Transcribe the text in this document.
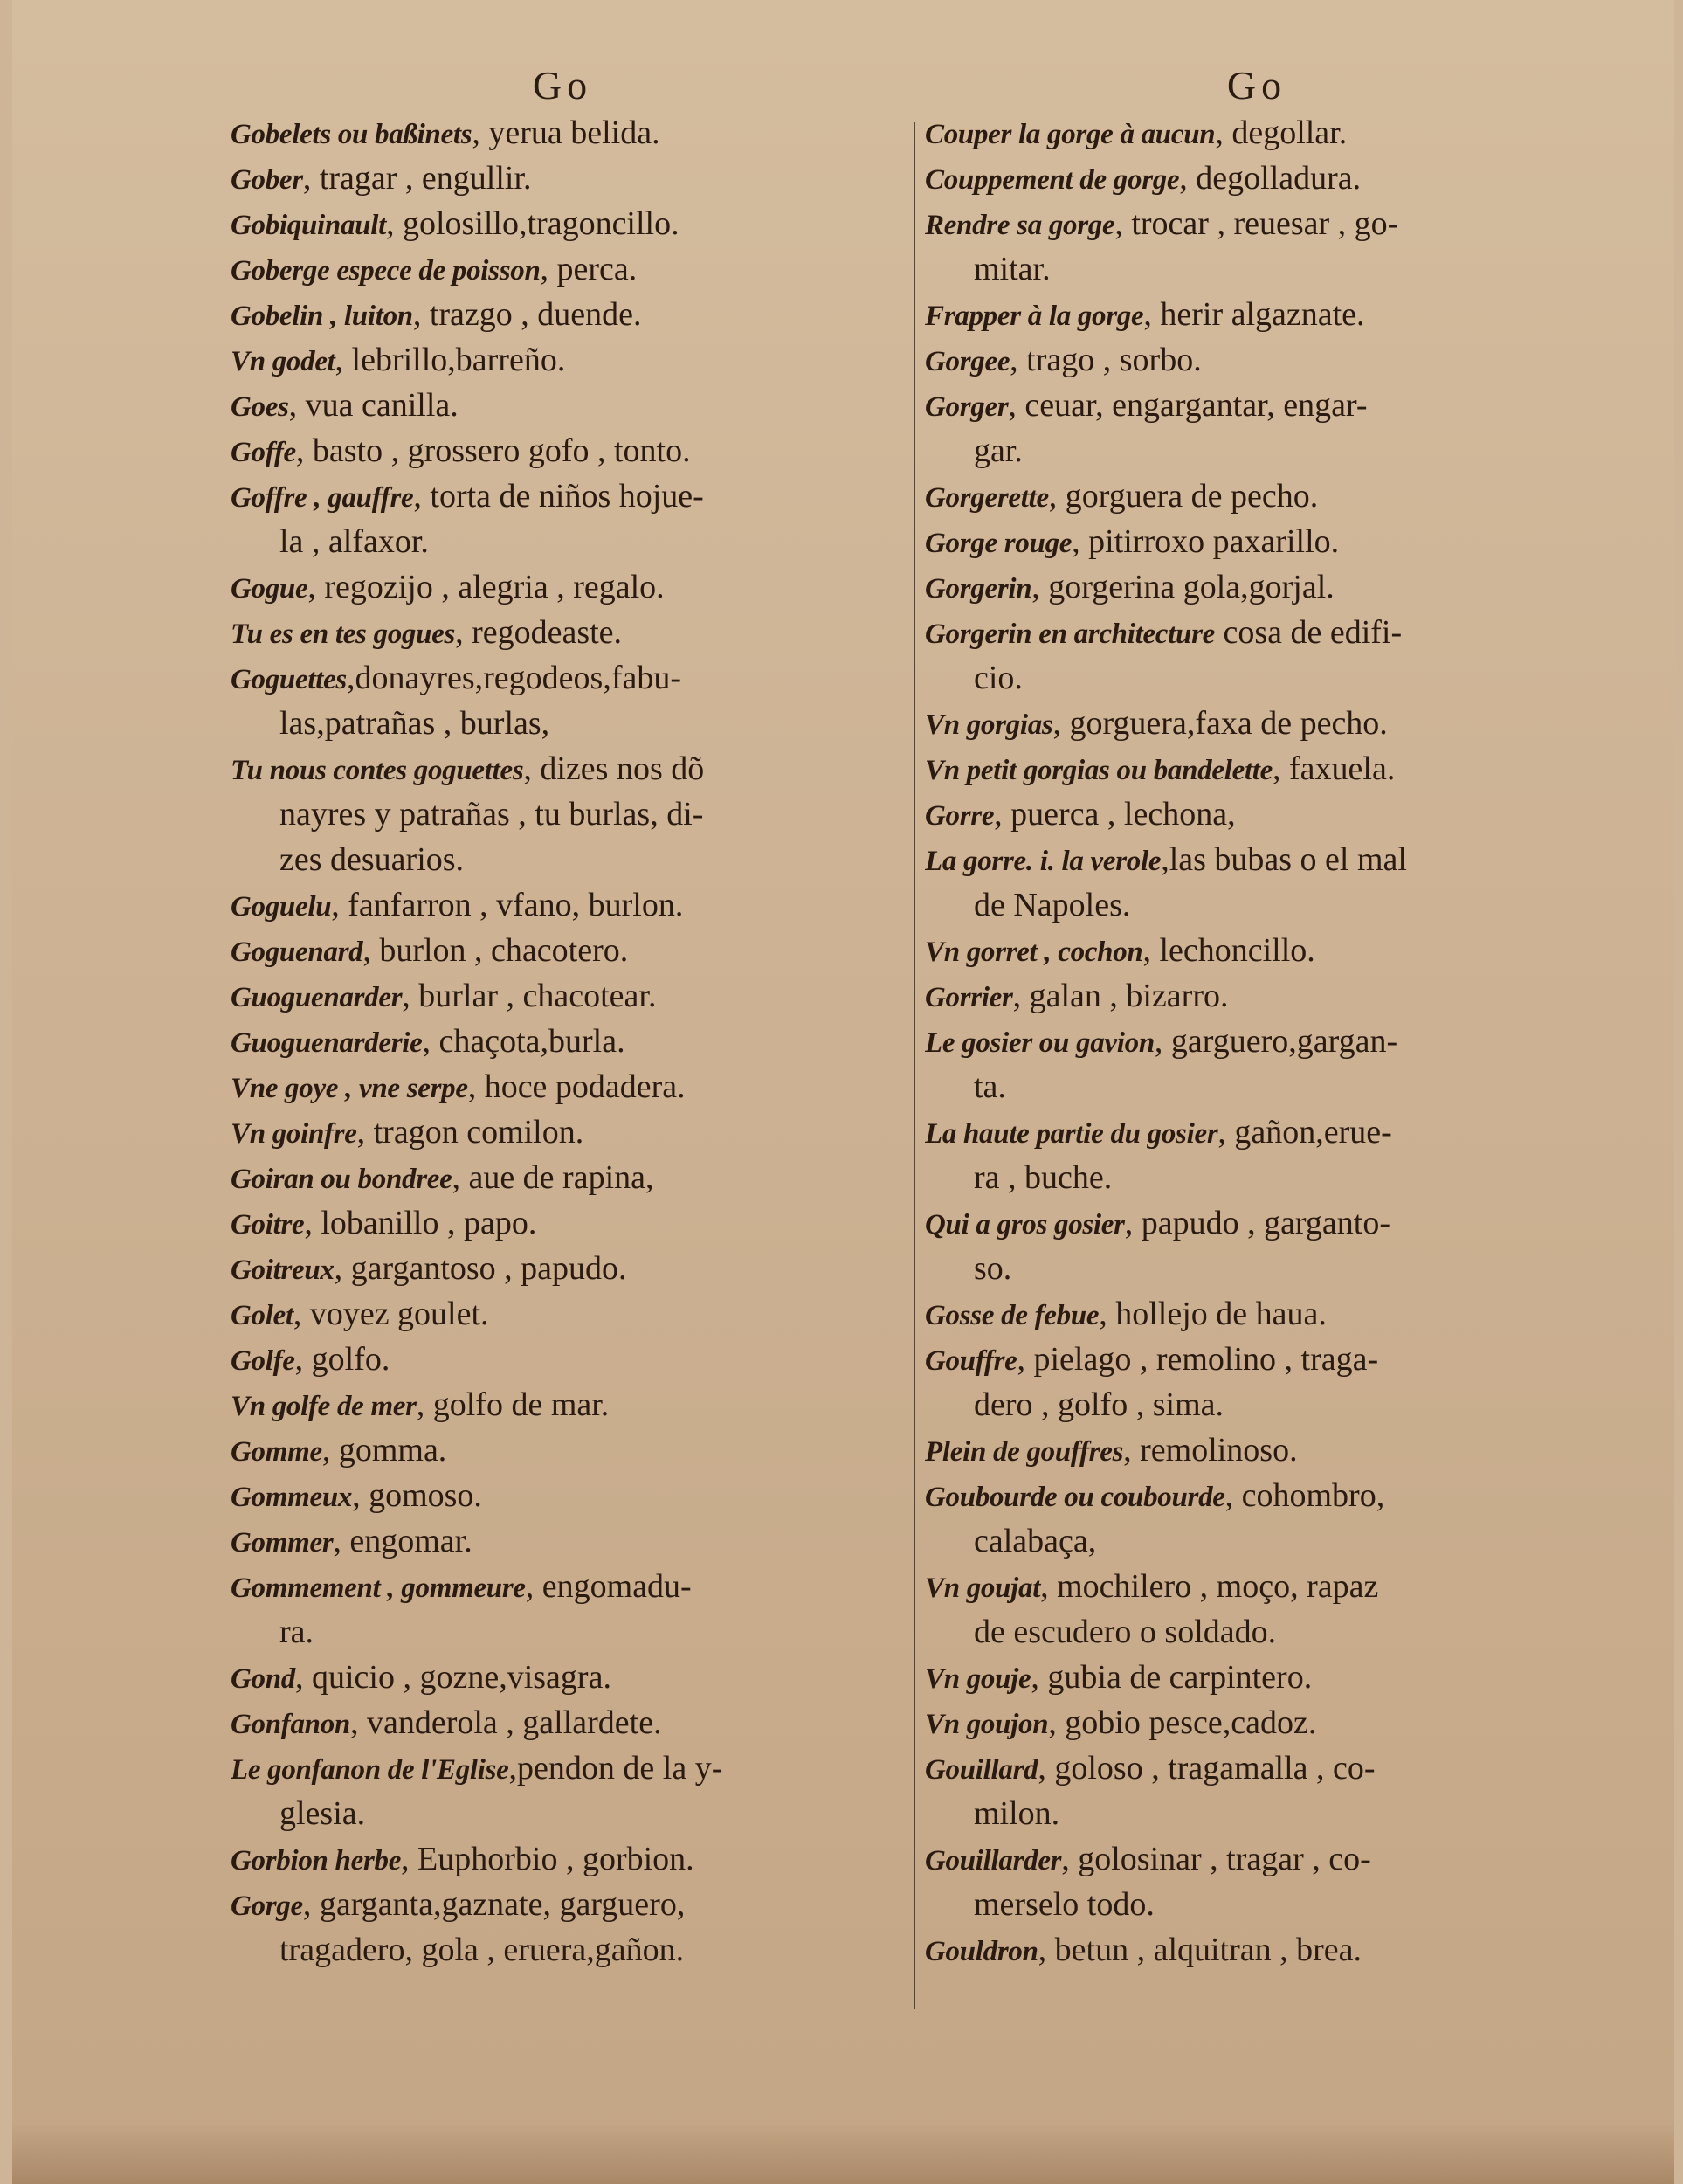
Go
Gobelets ou baßinets, yerua belida.
Gober, tragar , engullir.
Gobiquinault, golosillo,tragoncillo.
Goberge espece de poisson, perca.
Gobelin , luiton, trazgo , duende.
Vn godet, lebrillo,barreño.
Goes, vua canilla.
Goffe, basto , grossero gofo , tonto.
Goffre , gauffre, torta de niños hojue-
la , alfaxor.
Gogue, regozijo , alegria , regalo.
Tu es en tes gogues, regodeaste.
Goguettes,donayres,regodeos,fabu-
las,patrañas , burlas,
Tu nous contes goguettes, dizes nos dõ
nayres y patrañas , tu burlas, di-
zes desuarios.
Goguelu, fanfarron , vfano, burlon.
Goguenard, burlon , chacotero.
Guoguenarder, burlar , chacotear.
Guoguenarderie, chaçota,burla.
Vne goye , vne serpe, hoce podadera.
Vn goinfre, tragon comilon.
Goiran ou bondree, aue de rapina,
Goitre, lobanillo , papo.
Goitreux, gargantoso , papudo.
Golet, voyez goulet.
Golfe, golfo.
Vn golfe de mer, golfo de mar.
Gomme, gomma.
Gommeux, gomoso.
Gommer, engomar.
Gommement , gommeure, engomadu-
ra.
Gond, quicio , gozne,visagra.
Gonfanon, vanderola , gallardete.
Le gonfanon de l'Eglise,pendon de la y-
glesia.
Gorbion herbe, Euphorbio , gorbion.
Gorge, garganta,gaznate, garguero,
tragadero, gola , eruera,gañon.
Go
Couper la gorge à aucun, degollar.
Couppement de gorge, degolladura.
Rendre sa gorge, trocar , reuesar , go-
mitar.
Frapper à la gorge, herir algaznate.
Gorgee, trago , sorbo.
Gorger, ceuar, engargantar, engar-
gar.
Gorgerette, gorguera de pecho.
Gorge rouge, pitirroxo paxarillo.
Gorgerin, gorgerina gola,gorjal.
Gorgerin en architecture cosa de edifi-
cio.
Vn gorgias, gorguera,faxa de pecho.
Vn petit gorgias ou bandelette, faxuela.
Gorre, puerca , lechona,
La gorre. i. la verole,las bubas o el mal
de Napoles.
Vn gorret , cochon, lechoncillo.
Gorrier, galan , bizarro.
Le gosier ou gavion, garguero,gargan-
ta.
La haute partie du gosier, gañon,erue-
ra , buche.
Qui a gros gosier, papudo , garganto-
so.
Gosse de febue, hollejo de haua.
Gouffre, pielago , remolino , traga-
dero , golfo , sima.
Plein de gouffres, remolinoso.
Goubourde ou coubourde, cohombro,
calabaça,
Vn goujat, mochilero , moço, rapaz
de escudero o soldado.
Vn gouje, gubia de carpintero.
Vn goujon, gobio pesce,cadoz.
Gouillard, goloso , tragamalla , co-
milon.
Gouillarder, golosinar , tragar , co-
merselo todo.
Gouldron, betun , alquitran , brea.
